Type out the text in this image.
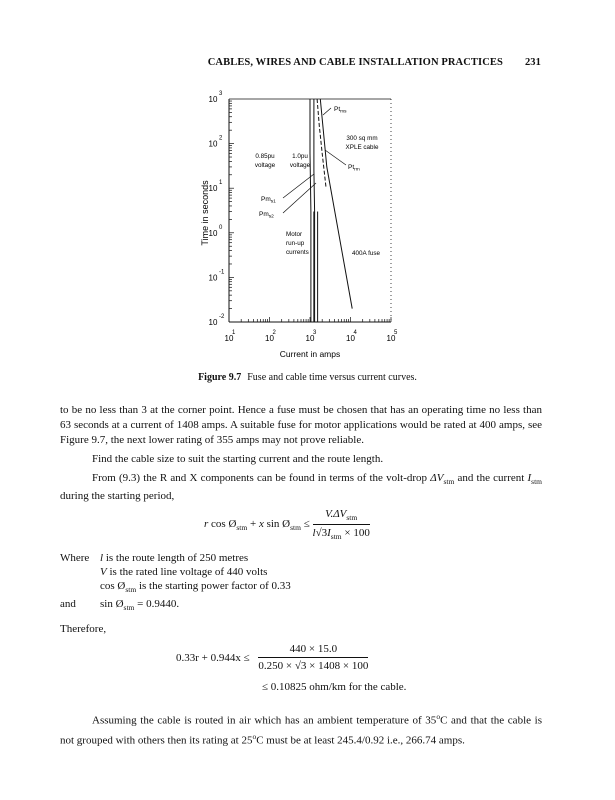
CABLES, WIRES AND CABLE INSTALLATION PRACTICES 231
10
1
10
2
10
3
10
4
10
5
10
3
10
2
10
1
10
0
10
-1
10
-2
0.85pu
voltage
1.0pu
voltage
300 sq mm
XPLE cable
Motor
run-up
currents	400A fuse
$Pt_{ms}$
$Pt_{rm}$
$Pm_{s1}$
$Pm_{s2}$
Current in amps
Time in seconds
Figure 9.7 Fuse and cable time versus current curves.
to be no less than 3 at the corner point. Hence a fuse must be chosen that has an operating time no less than 63 seconds at a current of 1408 amps. A suitable fuse for motor applications would be rated at 400 amps, see Figure 9.7, the next lower rating of 355 amps may not prove reliable.
Find the cable size to suit the starting current and the route length.
From (9.3) the R and X components can be found in terms of the volt-drop $\Delta V_{stm}$ and the current $I_{stm}$ during the starting period,
r $\cos Ø_{stm} + x$ $\sin Ø_{stm} \le \frac{V.\Delta V_{stm}}{l√3I_{stm} \times 100}$
Where l is the route length of 250 metres
V is the rated line voltage of 440 volts
$\cos Ø_{stm}$ is the starting power factor of 0.33
and $\sin Ø_{stm} = 0.9440$.
Therefore,
$0.33r + 0.944x \le \frac{440 \times 15.0}{0.250 \times √3 \times 1408 \times 100}$
≤ 0.10825 ohm/km for the cable.
Assuming the cable is routed in air which has an ambient temperature of 35$^o$C and that the cable is not grouped with others then its rating at 25$^o$C must be at least 245.4/0.92 i.e., 266.74 amps.
